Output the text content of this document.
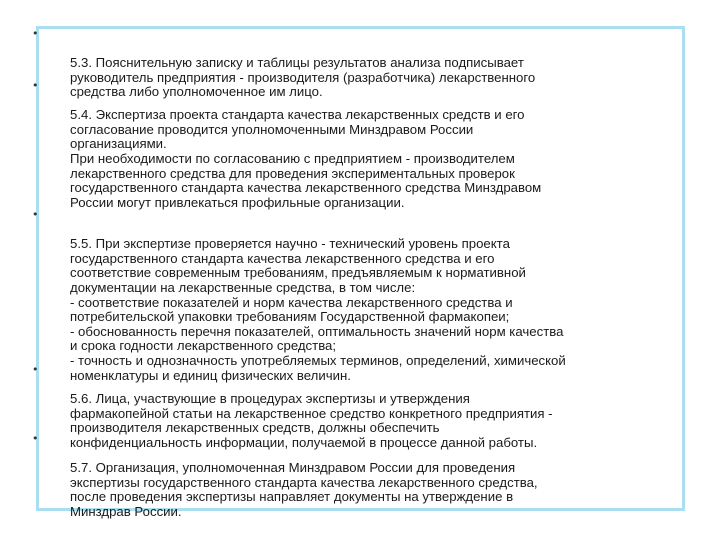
•

5.3. Пояснительную записку и таблицы результатов анализа подписывает
руководитель предприятия - производителя (разработчика) лекарственного
средства либо уполномоченное им лицо.

•

5.4. Экспертиза проекта стандарта качества лекарственных средств и его
согласование проводится уполномоченными Минздравом России
организациями.
При необходимости по согласованию с предприятием - производителем
лекарственного средства для проведения экспериментальных проверок
государственного стандарта качества лекарственного средства Минздравом
России могут привлекаться профильные организации.

•

5.5. При экспертизе проверяется научно - технический уровень проекта
государственного стандарта качества лекарственного средства и его
соответствие современным требованиям, предъявляемым к нормативной
документации на лекарственные средства, в том числе:
- соответствие показателей и норм качества лекарственного средства и
потребительской упаковки требованиям Государственной фармакопеи;
- обоснованность перечня показателей, оптимальность значений норм качества
и срока годности лекарственного средства;
- точность и однозначность употребляемых терминов, определений, химической
номенклатуры и единиц физических величин.

•

5.6. Лица, участвующие в процедурах экспертизы и утверждения
фармакопейной статьи на лекарственное средство конкретного предприятия -
производителя лекарственных средств, должны обеспечить
конфиденциальность информации, получаемой в процессе данной работы.

•

5.7. Организация, уполномоченная Минздравом России для проведения
экспертизы государственного стандарта качества лекарственного средства,
после проведения экспертизы направляет документы на утверждение в
Минздрав России.
